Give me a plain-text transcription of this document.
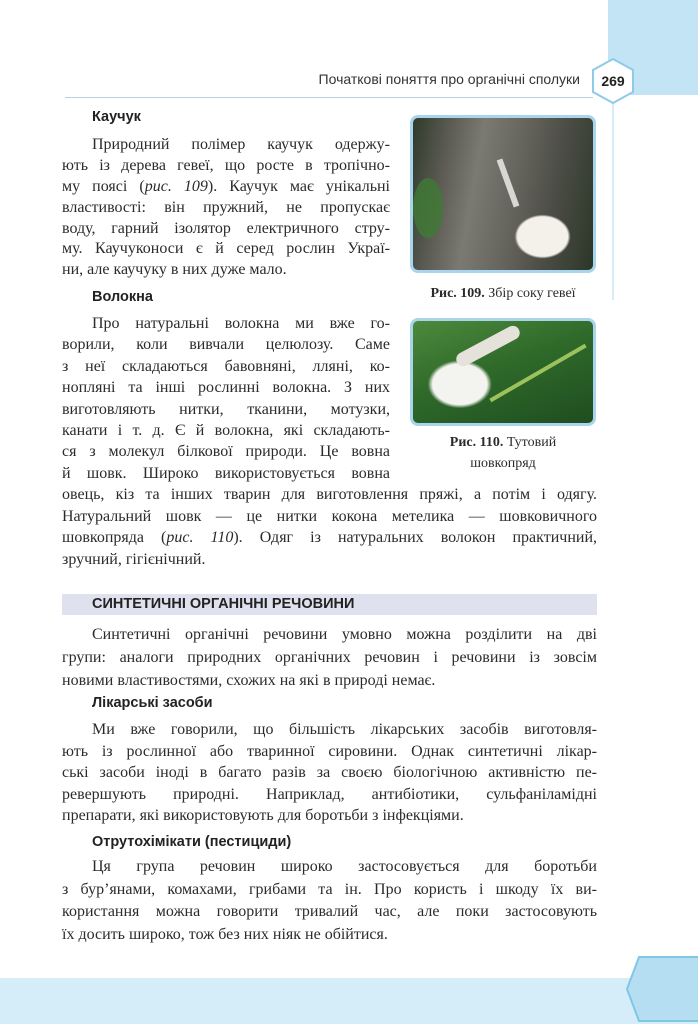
Початкові поняття про органічні сполуки	269
Каучук
Природний полімер каучук одержу-
ють із дерева гевеї, що росте в тропічно-
му поясі (рис. 109). Каучук має унікальні
властивості: він пружний, не пропускає
воду, гарний ізолятор електричного стру-
му. Каучуконоси є й серед рослин Украї-
ни, але каучуку в них дуже мало.
Рис. 109. Збір соку гевеї
Волокна
Про натуральні волокна ми вже го-
ворили, коли вивчали целюлозу. Саме
з неї складаються бавовняні, лляні, ко-
нопляні та інші рослинні волокна. З них
виготовляють нитки, тканини, мотузки,
канати і т. д. Є й волокна, які складають-
ся з молекул білкової природи. Це вовна
й шовк. Широко використовується вовна
овець, кіз та інших тварин для виготовлення пряжі, а потім і одягу.
Натуральний шовк — це нитки кокона метелика — шовковичного
шовкопряда (рис. 110). Одяг із натуральних волокон практичний,
зручний, гігієнічний.
Рис. 110. Тутовий
шовкопряд
СИНТЕТИЧНІ ОРГАНІЧНІ РЕЧОВИНИ
Синтетичні органічні речовини умовно можна розділити на дві
групи: аналоги природних органічних речовин і речовини із зовсім
новими властивостями, схожих на які в природі немає.
Лікарські засоби
Ми вже говорили, що більшість лікарських засобів виготовля-
ють із рослинної або тваринної сировини. Однак синтетичні лікар-
ські засоби іноді в багато разів за своєю біологічною активністю пе-
ревершують природні. Наприклад, антибіотики, сульфаніламідні
препарати, які використовують для боротьби з інфекціями.
Отрутохімікати (пестициди)
Ця група речовин широко застосовується для боротьби
з бур’янами, комахами, грибами та ін. Про користь і шкоду їх ви-
користання можна говорити тривалий час, але поки застосовують
їх досить широко, тож без них ніяк не обійтися.
